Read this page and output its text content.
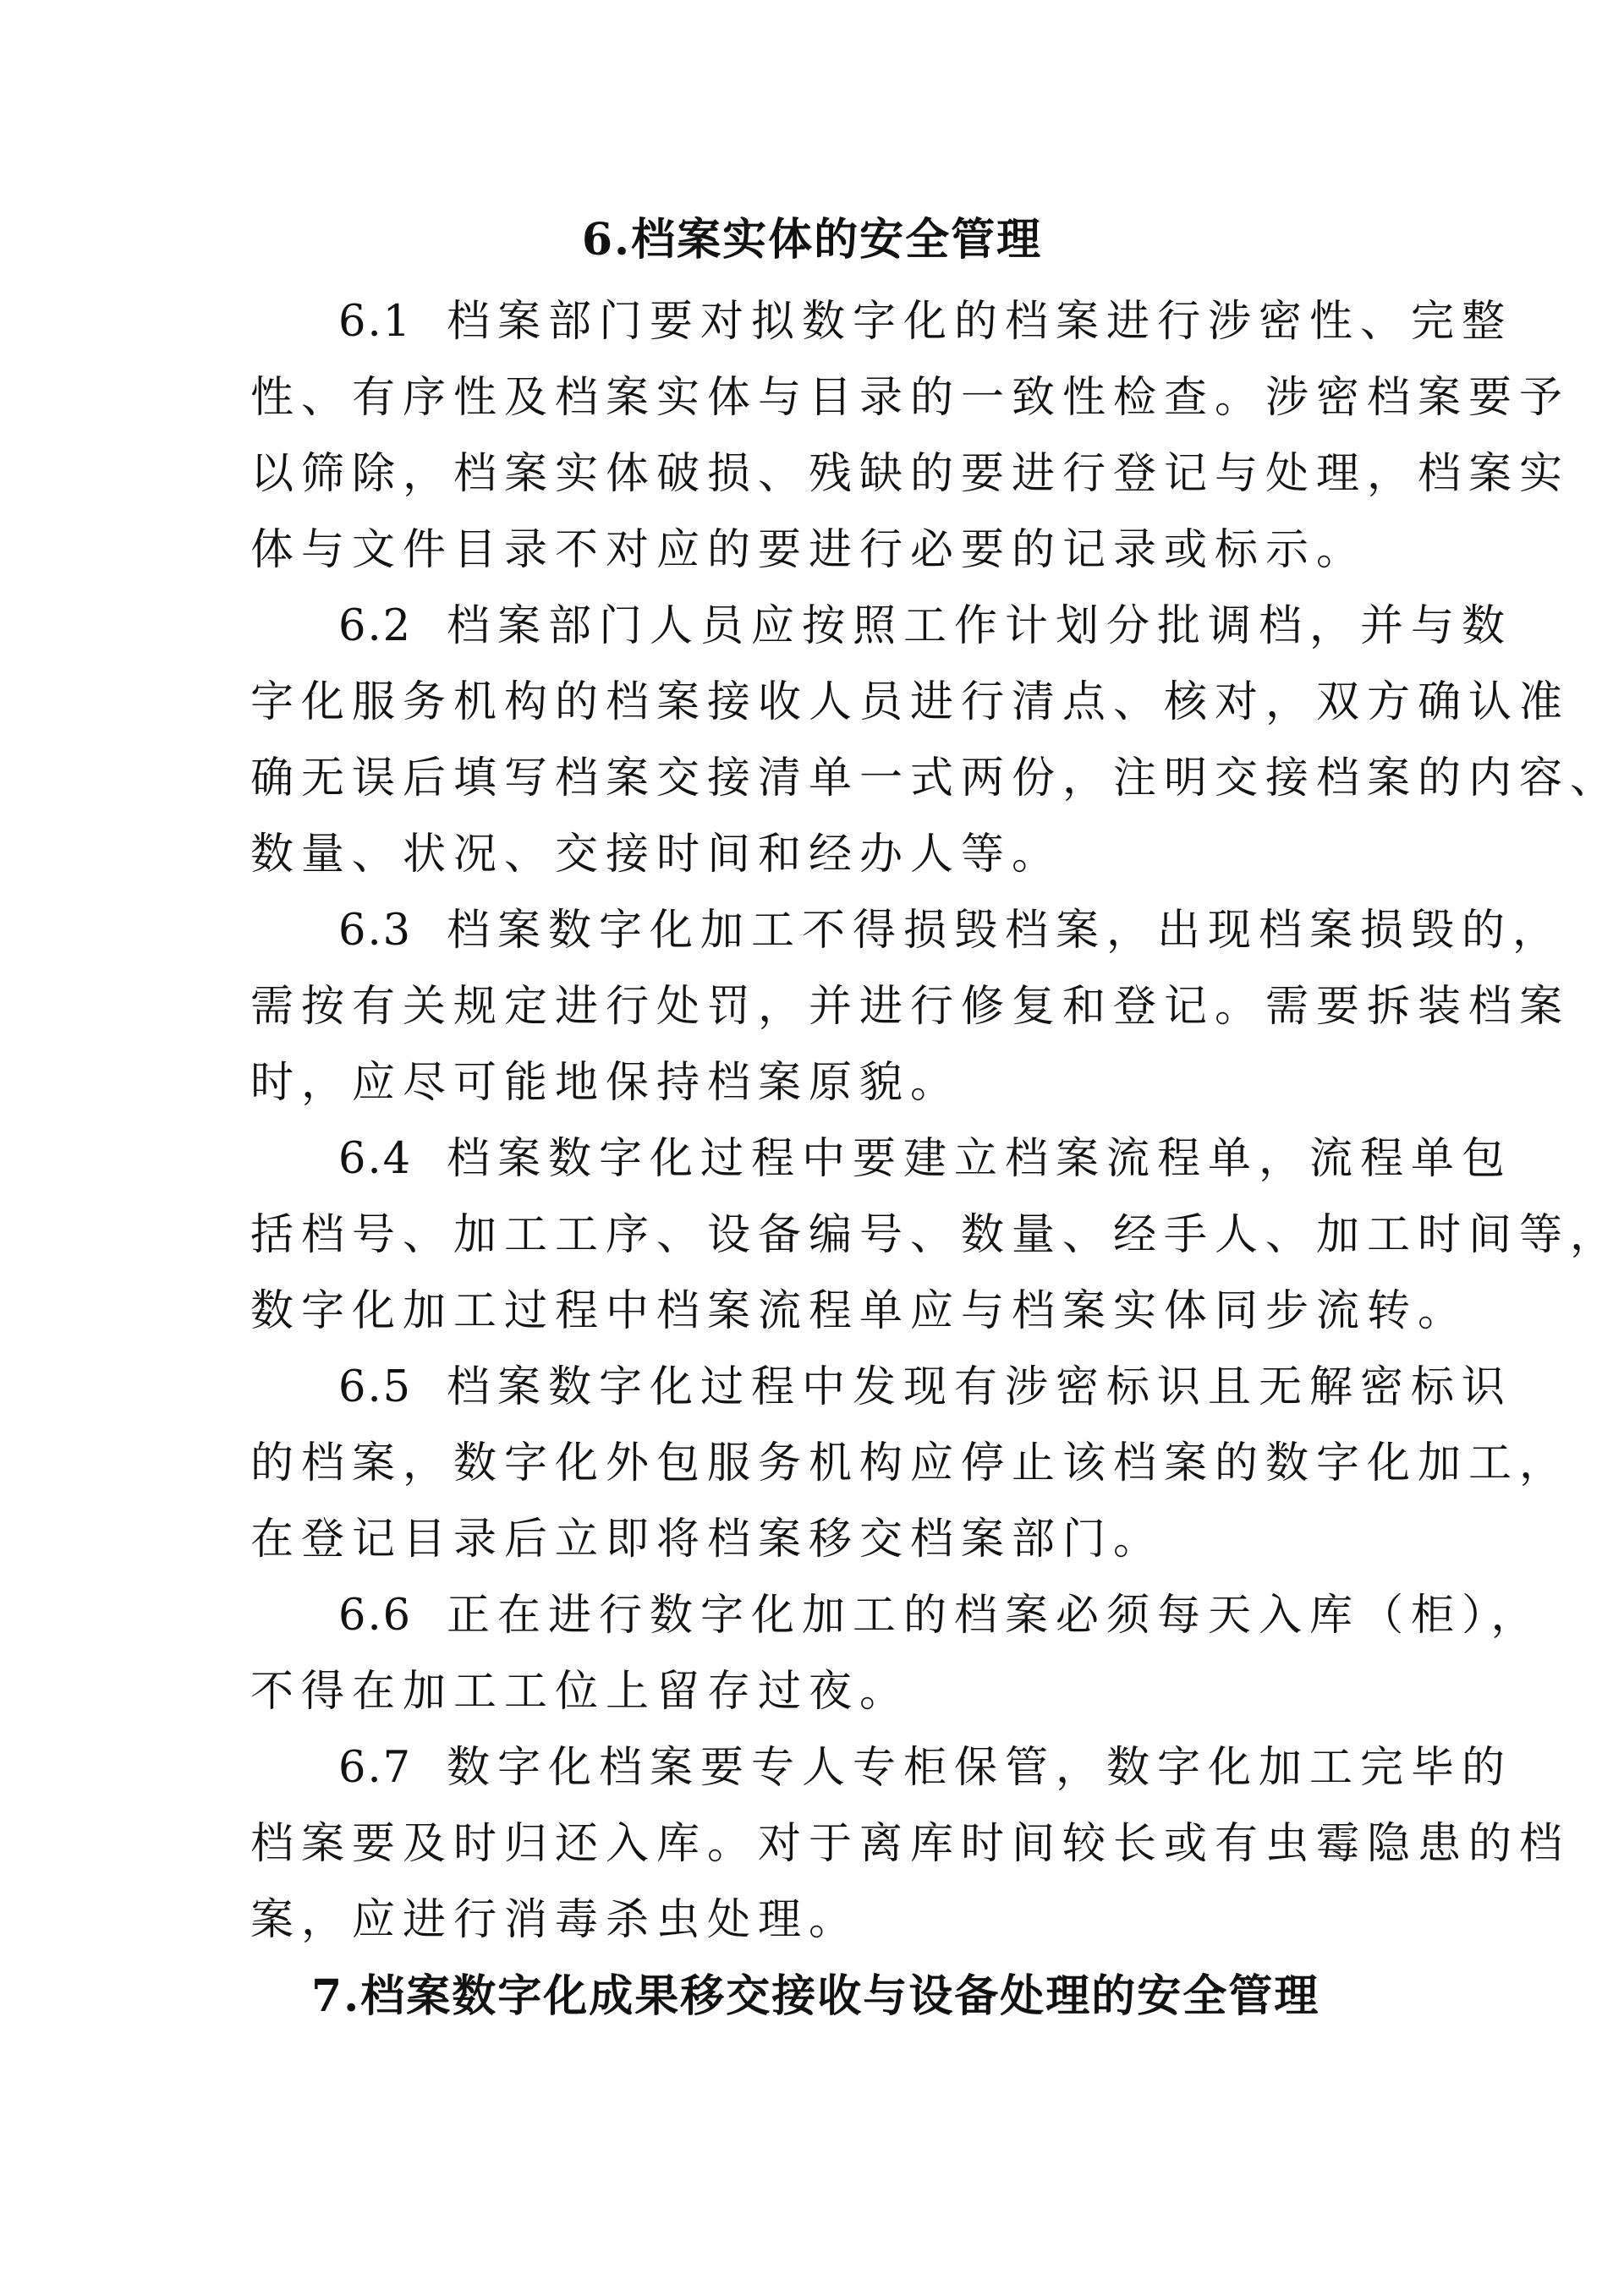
6.档案实体的安全管理
6.1 档案部门要对拟数字化的档案进行涉密性、完整
性、有序性及档案实体与目录的一致性检查。涉密档案要予
以筛除，档案实体破损、残缺的要进行登记与处理，档案实
体与文件目录不对应的要进行必要的记录或标示。
6.2 档案部门人员应按照工作计划分批调档，并与数
字化服务机构的档案接收人员进行清点、核对，双方确认准
确无误后填写档案交接清单一式两份，注明交接档案的内容、
数量、状况、交接时间和经办人等。
6.3 档案数字化加工不得损毁档案，出现档案损毁的，
需按有关规定进行处罚，并进行修复和登记。需要拆装档案
时，应尽可能地保持档案原貌。
6.4 档案数字化过程中要建立档案流程单，流程单包
括档号、加工工序、设备编号、数量、经手人、加工时间等，
数字化加工过程中档案流程单应与档案实体同步流转。
6.5 档案数字化过程中发现有涉密标识且无解密标识
的档案，数字化外包服务机构应停止该档案的数字化加工，
在登记目录后立即将档案移交档案部门。
6.6 正在进行数字化加工的档案必须每天入库（柜），
不得在加工工位上留存过夜。
6.7 数字化档案要专人专柜保管，数字化加工完毕的
档案要及时归还入库。对于离库时间较长或有虫霉隐患的档
案，应进行消毒杀虫处理。
7.档案数字化成果移交接收与设备处理的安全管理
